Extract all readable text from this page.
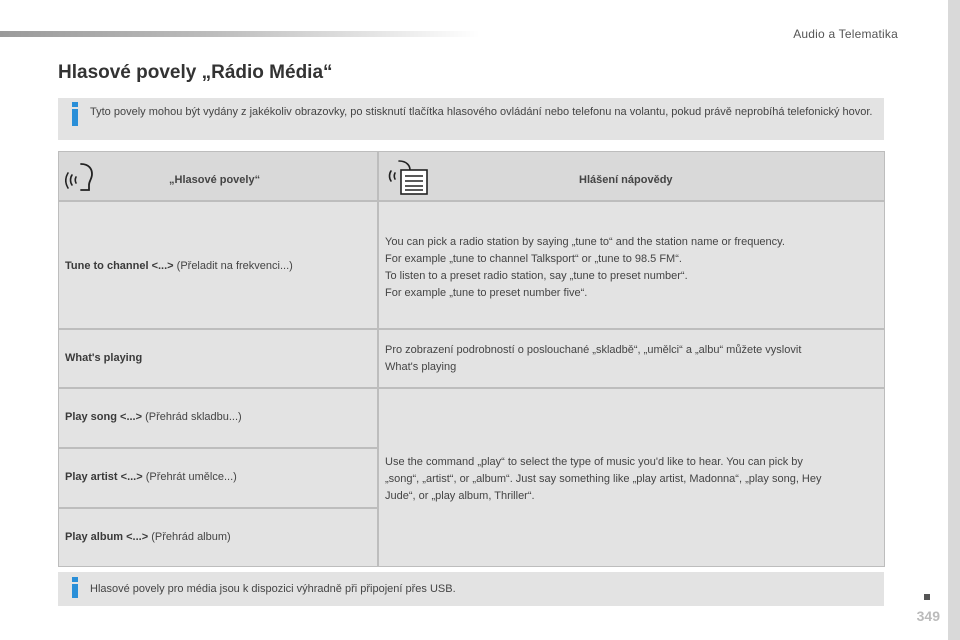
Audio a Telematika
Hlasové povely „Rádio Média“
Tyto povely mohou být vydány z jakékoliv obrazovky, po stisknutí tlačítka hlasového ovládání nebo telefonu na volantu, pokud právě neprobíhá telefonický hovor.
„Hlasové povely“	Hlášení nápovědy
Tune to channel <...> (Přeladit na frekvenci...)
You can pick a radio station by saying „tune to“ and the station name or frequency.
For example „tune to channel Talksport“ or „tune to 98.5 FM“.
To listen to a preset radio station, say „tune to preset number“.
For example „tune to preset number five“.
What's playing
Pro zobrazení podrobností o poslouchané „skladbě“, „umělci“ a „albu“ můžete vyslovit
What's playing
Play song <...> (Přehrád skladbu...)
Play artist <...> (Přehrát umělce...)
Play album <...> (Přehrád album)
Use the command „play“ to select the type of music you'd like to hear. You can pick by
„song“, „artist“, or „album“. Just say something like „play artist, Madonna“, „play song, Hey
Jude“, or „play album, Thriller“.
Hlasové povely pro média jsou k dispozici výhradně při připojení přes USB.
349
